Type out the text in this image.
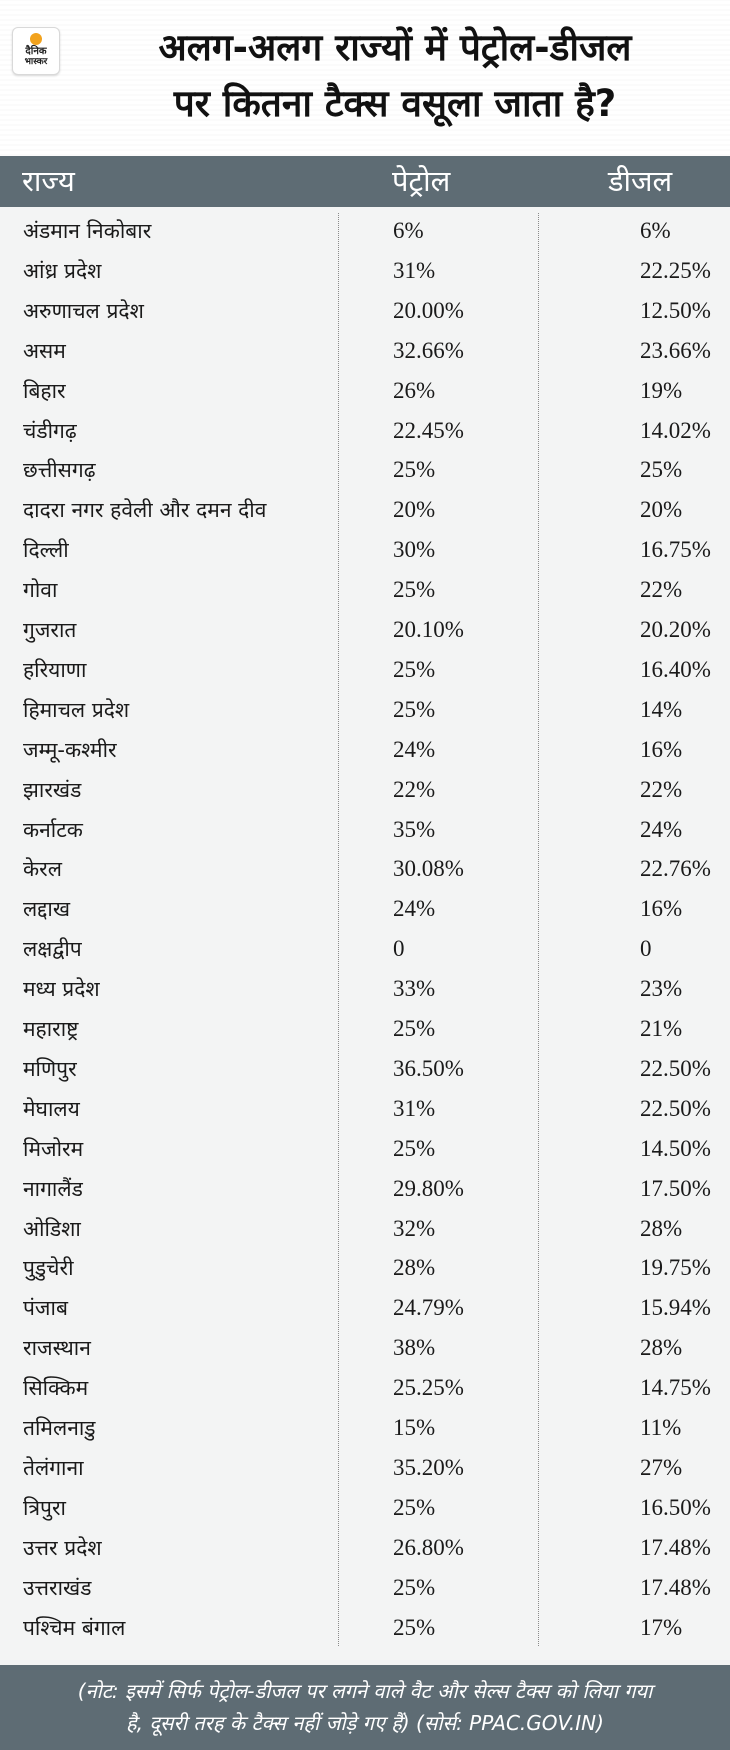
दैनिक
भास्कर	अलग-अलग राज्यों में पेट्रोल-डीजल
पर कितना टैक्स वसूला जाता है?
राज्य	पेट्रोल	डीजल
अंडमान निकोबार	6%	6%
आंध्र प्रदेश	31%	22.25%
अरुणाचल प्रदेश	20.00%	12.50%
असम	32.66%	23.66%
बिहार	26%	19%
चंडीगढ़	22.45%	14.02%
छत्तीसगढ़	25%	25%
दादरा नगर हवेली और दमन दीव	20%	20%
दिल्ली	30%	16.75%
गोवा	25%	22%
गुजरात	20.10%	20.20%
हरियाणा	25%	16.40%
हिमाचल प्रदेश	25%	14%
जम्मू-कश्मीर	24%	16%
झारखंड	22%	22%
कर्नाटक	35%	24%
केरल	30.08%	22.76%
लद्दाख	24%	16%
लक्षद्वीप	0	0
मध्य प्रदेश	33%	23%
महाराष्ट्र	25%	21%
मणिपुर	36.50%	22.50%
मेघालय	31%	22.50%
मिजोरम	25%	14.50%
नागालैंड	29.80%	17.50%
ओडिशा	32%	28%
पुडुचेरी	28%	19.75%
पंजाब	24.79%	15.94%
राजस्थान	38%	28%
सिक्किम	25.25%	14.75%
तमिलनाडु	15%	11%
तेलंगाना	35.20%	27%
त्रिपुरा	25%	16.50%
उत्तर प्रदेश	26.80%	17.48%
उत्तराखंड	25%	17.48%
पश्चिम बंगाल	25%	17%
(नोट: इसमें सिर्फ पेट्रोल-डीजल पर लगने वाले वैट और सेल्स टैक्स को लिया गया
है, दूसरी तरह के टैक्स नहीं जोड़े गए हैं) (सोर्स: PPAC.GOV.IN)
